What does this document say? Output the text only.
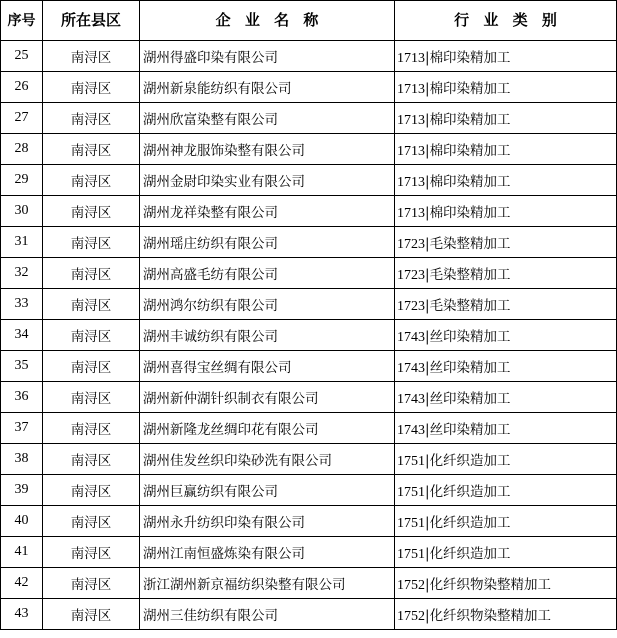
序号	所在县区	企 业 名 称	行 业 类 别
25	南浔区	湖州得盛印染有限公司	1713|棉印染精加工
26	南浔区	湖州新泉能纺织有限公司	1713|棉印染精加工
27	南浔区	湖州欣富染整有限公司	1713|棉印染精加工
28	南浔区	湖州神龙服饰染整有限公司	1713|棉印染精加工
29	南浔区	湖州金尉印染实业有限公司	1713|棉印染精加工
30	南浔区	湖州龙祥染整有限公司	1713|棉印染精加工
31	南浔区	湖州瑶庄纺织有限公司	1723|毛染整精加工
32	南浔区	湖州高盛毛纺有限公司	1723|毛染整精加工
33	南浔区	湖州鸿尔纺织有限公司	1723|毛染整精加工
34	南浔区	湖州丰诚纺织有限公司	1743|丝印染精加工
35	南浔区	湖州喜得宝丝绸有限公司	1743|丝印染精加工
36	南浔区	湖州新仲湖针织制衣有限公司	1743|丝印染精加工
37	南浔区	湖州新隆龙丝绸印花有限公司	1743|丝印染精加工
38	南浔区	湖州佳发丝织印染砂洗有限公司	1751|化纤织造加工
39	南浔区	湖州巨赢纺织有限公司	1751|化纤织造加工
40	南浔区	湖州永升纺织印染有限公司	1751|化纤织造加工
41	南浔区	湖州江南恒盛炼染有限公司	1751|化纤织造加工
42	南浔区	浙江湖州新京福纺织染整有限公司	1752|化纤织物染整精加工
43	南浔区	湖州三佳纺织有限公司	1752|化纤织物染整精加工
